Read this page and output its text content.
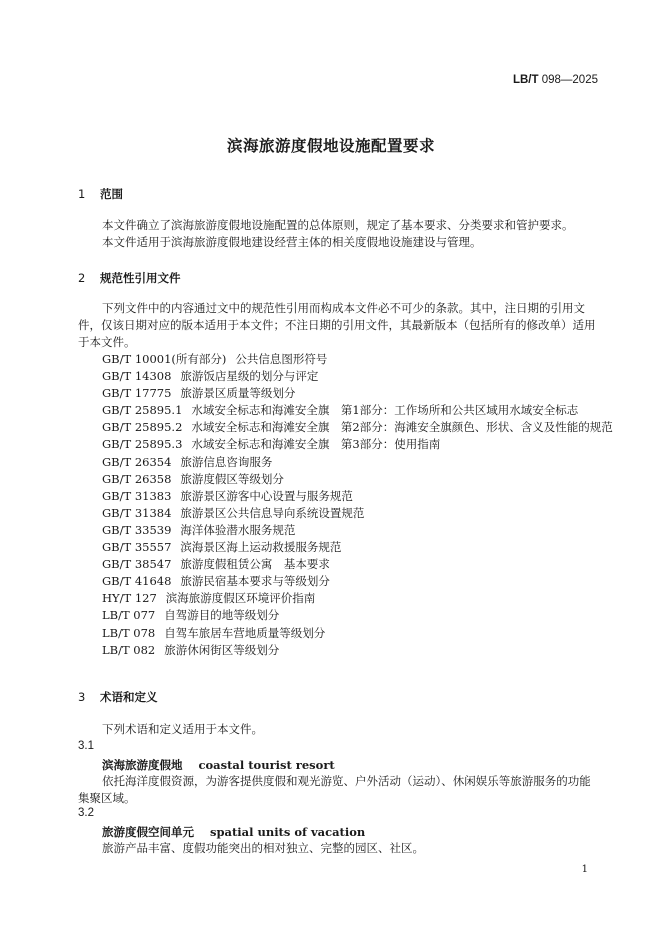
LB/T 098—2025
滨海旅游度假地设施配置要求
1 范围
本文件确立了滨海旅游度假地设施配置的总体原则，规定了基本要求、分类要求和管护要求。
本文件适用于滨海旅游度假地建设经营主体的相关度假地设施建设与管理。
2 规范性引用文件
下列文件中的内容通过文中的规范性引用而构成本文件必不可少的条款。其中，注日期的引用文件，仅该日期对应的版本适用于本文件；不注日期的引用文件，其最新版本（包括所有的修改单）适用于本文件。
GB/T 10001(所有部分) 公共信息图形符号
GB/T 14308 旅游饭店星级的划分与评定
GB/T 17775 旅游景区质量等级划分
GB/T 25895.1 水域安全标志和海滩安全旗　第1部分：工作场所和公共区域用水域安全标志
GB/T 25895.2 水域安全标志和海滩安全旗　第2部分：海滩安全旗颜色、形状、含义及性能的规范
GB/T 25895.3 水域安全标志和海滩安全旗　第3部分：使用指南
GB/T 26354 旅游信息咨询服务
GB/T 26358 旅游度假区等级划分
GB/T 31383 旅游景区游客中心设置与服务规范
GB/T 31384 旅游景区公共信息导向系统设置规范
GB/T 33539 海洋体验潜水服务规范
GB/T 35557 滨海景区海上运动救援服务规范
GB/T 38547 旅游度假租赁公寓　基本要求
GB/T 41648 旅游民宿基本要求与等级划分
HY/T 127 滨海旅游度假区环境评价指南
LB/T 077 自驾游目的地等级划分
LB/T 078 自驾车旅居车营地质量等级划分
LB/T 082 旅游休闲街区等级划分
3 术语和定义
下列术语和定义适用于本文件。
3.1
滨海旅游度假地 coastal tourist resort
依托海洋度假资源，为游客提供度假和观光游览、户外活动（运动）、休闲娱乐等旅游服务的功能集聚区域。
3.2
旅游度假空间单元 spatial units of vacation
旅游产品丰富、度假功能突出的相对独立、完整的园区、社区。
1
